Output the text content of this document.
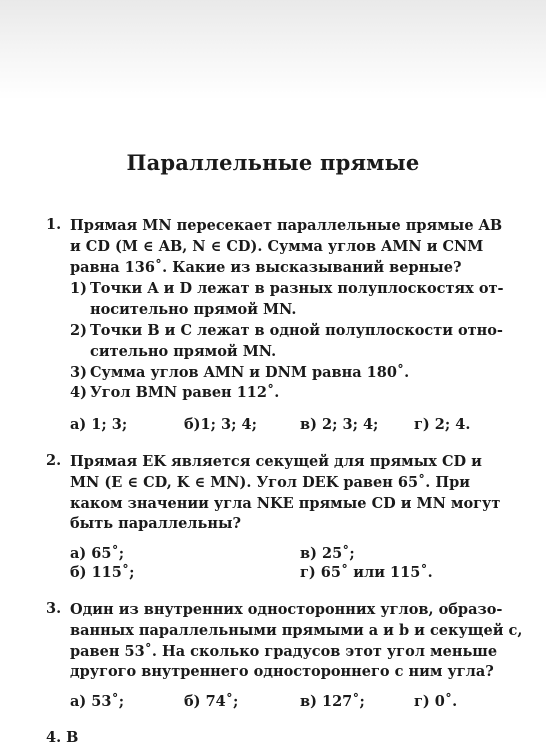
Параллельные прямые
1. Прямая MN пересекает параллельные прямые AB
и CD (M ∈ AB, N ∈ CD). Сумма углов AMN и CNM
равна 136˚. Какие из высказываний верные?
1) Точки A и D лежат в разных полуплоскостях от-
носительно прямой MN.
2) Точки B и C лежат в одной полуплоскости отно-
сительно прямой MN.
3) Сумма углов AMN и DNM равна 180˚.
4) Угол BMN равен 112˚.
а) 1; 3;	б)1; 3; 4;	в) 2; 3; 4; г) 2; 4.
2. Прямая EK является секущей для прямых CD и
MN (E ∈ CD, K ∈ MN). Угол DEK равен 65˚. При
каком значении угла NKE прямые CD и MN могут
быть параллельны?
а) 65˚;	в) 25˚;
б) 115˚;	г) 65˚ или 115˚.
3. Один из внутренних односторонних углов, образо-
ванных параллельными прямыми a и b и секущей c,
равен 53˚. На сколько градусов этот угол меньше
другого внутреннего одностороннего с ним угла?
а) 53˚;	б) 74˚;	в) 127˚;	г) 0˚.
4. В
